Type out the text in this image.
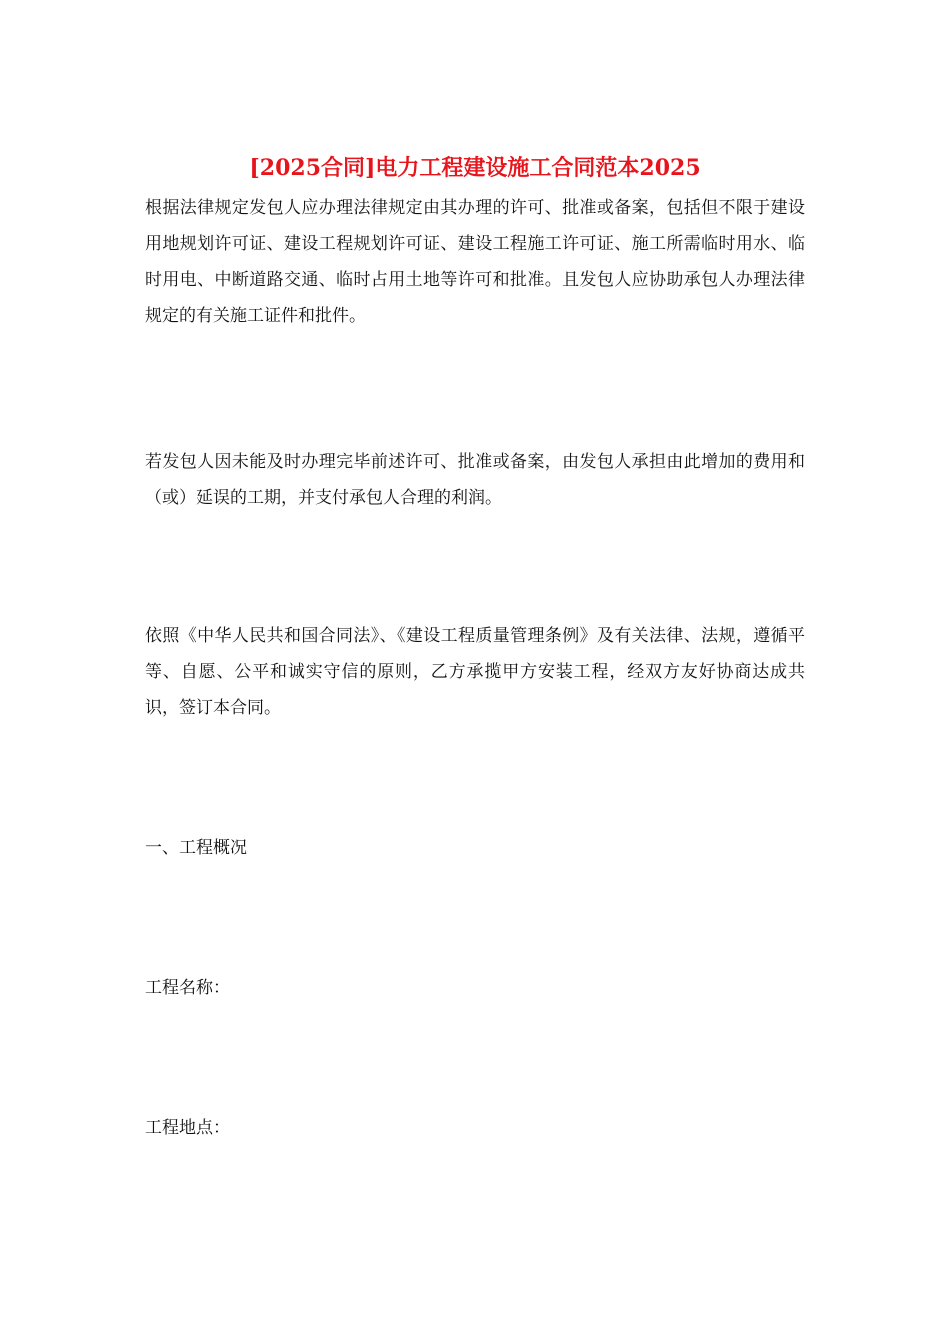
[2025合同]电力工程建设施工合同范本2025

根据法律规定发包人应办理法律规定由其办理的许可、批准或备案，包括但不限于建设用地规划许可证、建设工程规划许可证、建设工程施工许可证、施工所需临时用水、临时用电、中断道路交通、临时占用土地等许可和批准。且发包人应协助承包人办理法律规定的有关施工证件和批件。

若发包人因未能及时办理完毕前述许可、批准或备案，由发包人承担由此增加的费用和（或）延误的工期，并支付承包人合理的利润。

依照《中华人民共和国合同法》、《建设工程质量管理条例》及有关法律、法规，遵循平等、自愿、公平和诚实守信的原则，乙方承揽甲方安装工程，经双方友好协商达成共识，签订本合同。

一、工程概况

工程名称：

工程地点：
